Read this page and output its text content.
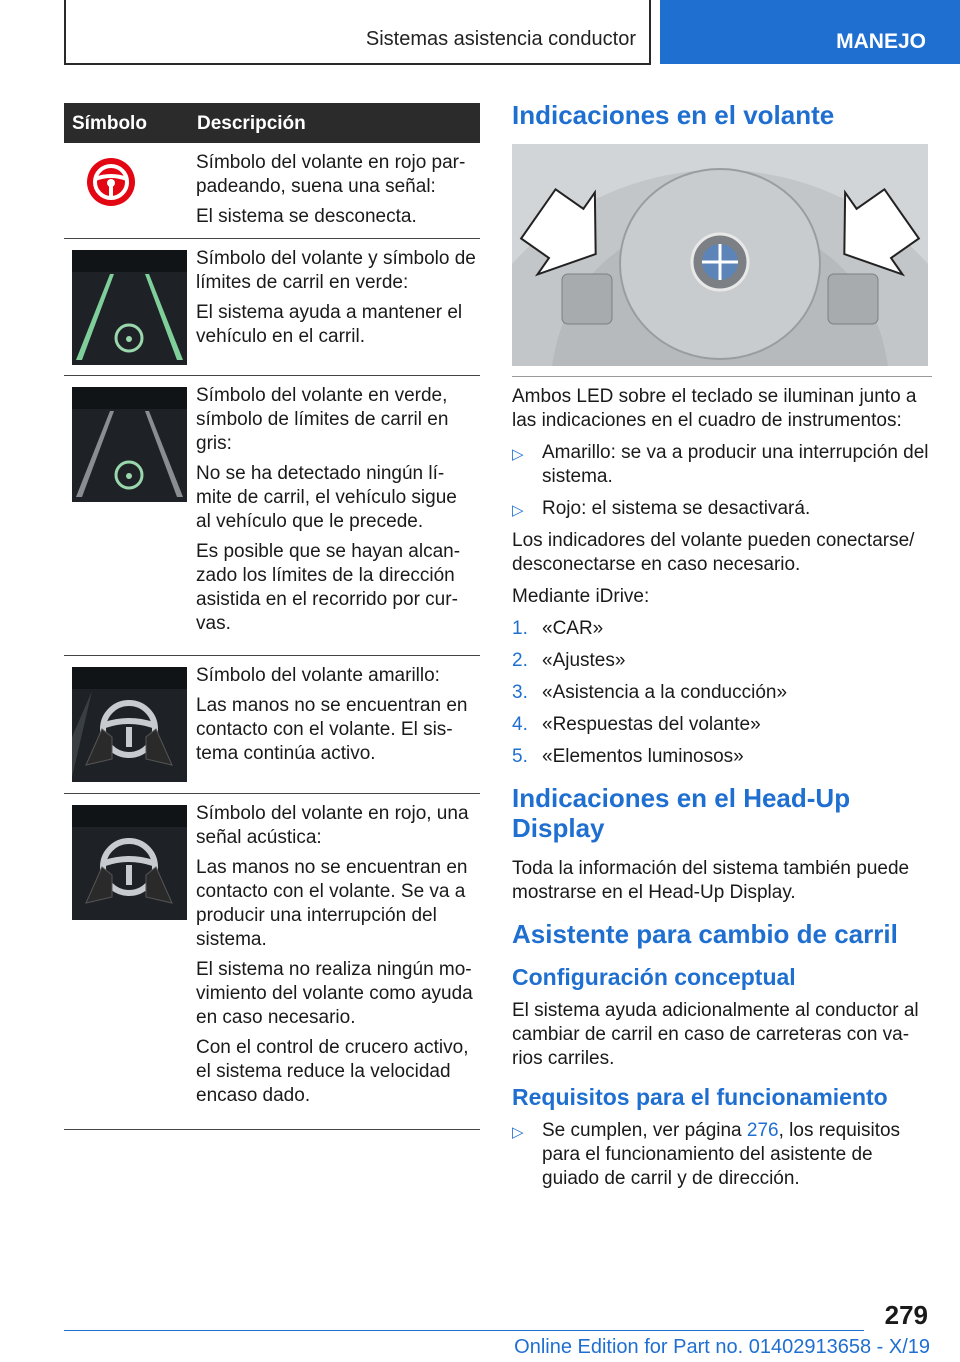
Sistemas asistencia conductor	MANEJO
Símbolo	Descripción

Símbolo del volante en rojo par-padeando, suena una señal:

El sistema se desconecta.

Símbolo del volante y símbolo de límites de carril en verde:

El sistema ayuda a mantener el vehículo en el carril.

Símbolo del volante en verde, símbolo de límites de carril en gris:

No se ha detectado ningún lí-mite de carril, el vehículo sigue al vehículo que le precede.

Es posible que se hayan alcan-zado los límites de la dirección asistida en el recorrido por cur-vas.

Símbolo del volante amarillo:

Las manos no se encuentran en contacto con el volante. El sis-tema continúa activo.

Símbolo del volante en rojo, una señal acústica:

Las manos no se encuentran en contacto con el volante. Se va a producir una interrupción del sistema.

El sistema no realiza ningún mo-vimiento del volante como ayuda en caso necesario.

Con el control de crucero activo, el sistema reduce la velocidad encaso dado.

Indicaciones en el volante

Ambos LED sobre el teclado se iluminan junto a las indicaciones en el cuadro de instrumentos:

▷ Amarillo: se va a producir una interrupción del sistema.
▷ Rojo: el sistema se desactivará.

Los indicadores del volante pueden conectarse/ desconectarse en caso necesario.

Mediante iDrive:

1. «CAR»
2. «Ajustes»
3. «Asistencia a la conducción»
4. «Respuestas del volante»
5. «Elementos luminosos»
Indicaciones en el Head-Up Display

Toda la información del sistema también puede mostrarse en el Head-Up Display.

Asistente para cambio de carril
Configuración conceptual

El sistema ayuda adicionalmente al conductor al cambiar de carril en caso de carreteras con va-rios carriles.

Requisitos para el funcionamiento
▷ Se cumplen, ver página 276, los requisitos para el funcionamiento del asistente de guiado de carril y de dirección.
279
Online Edition for Part no. 01402913658 - X/19
